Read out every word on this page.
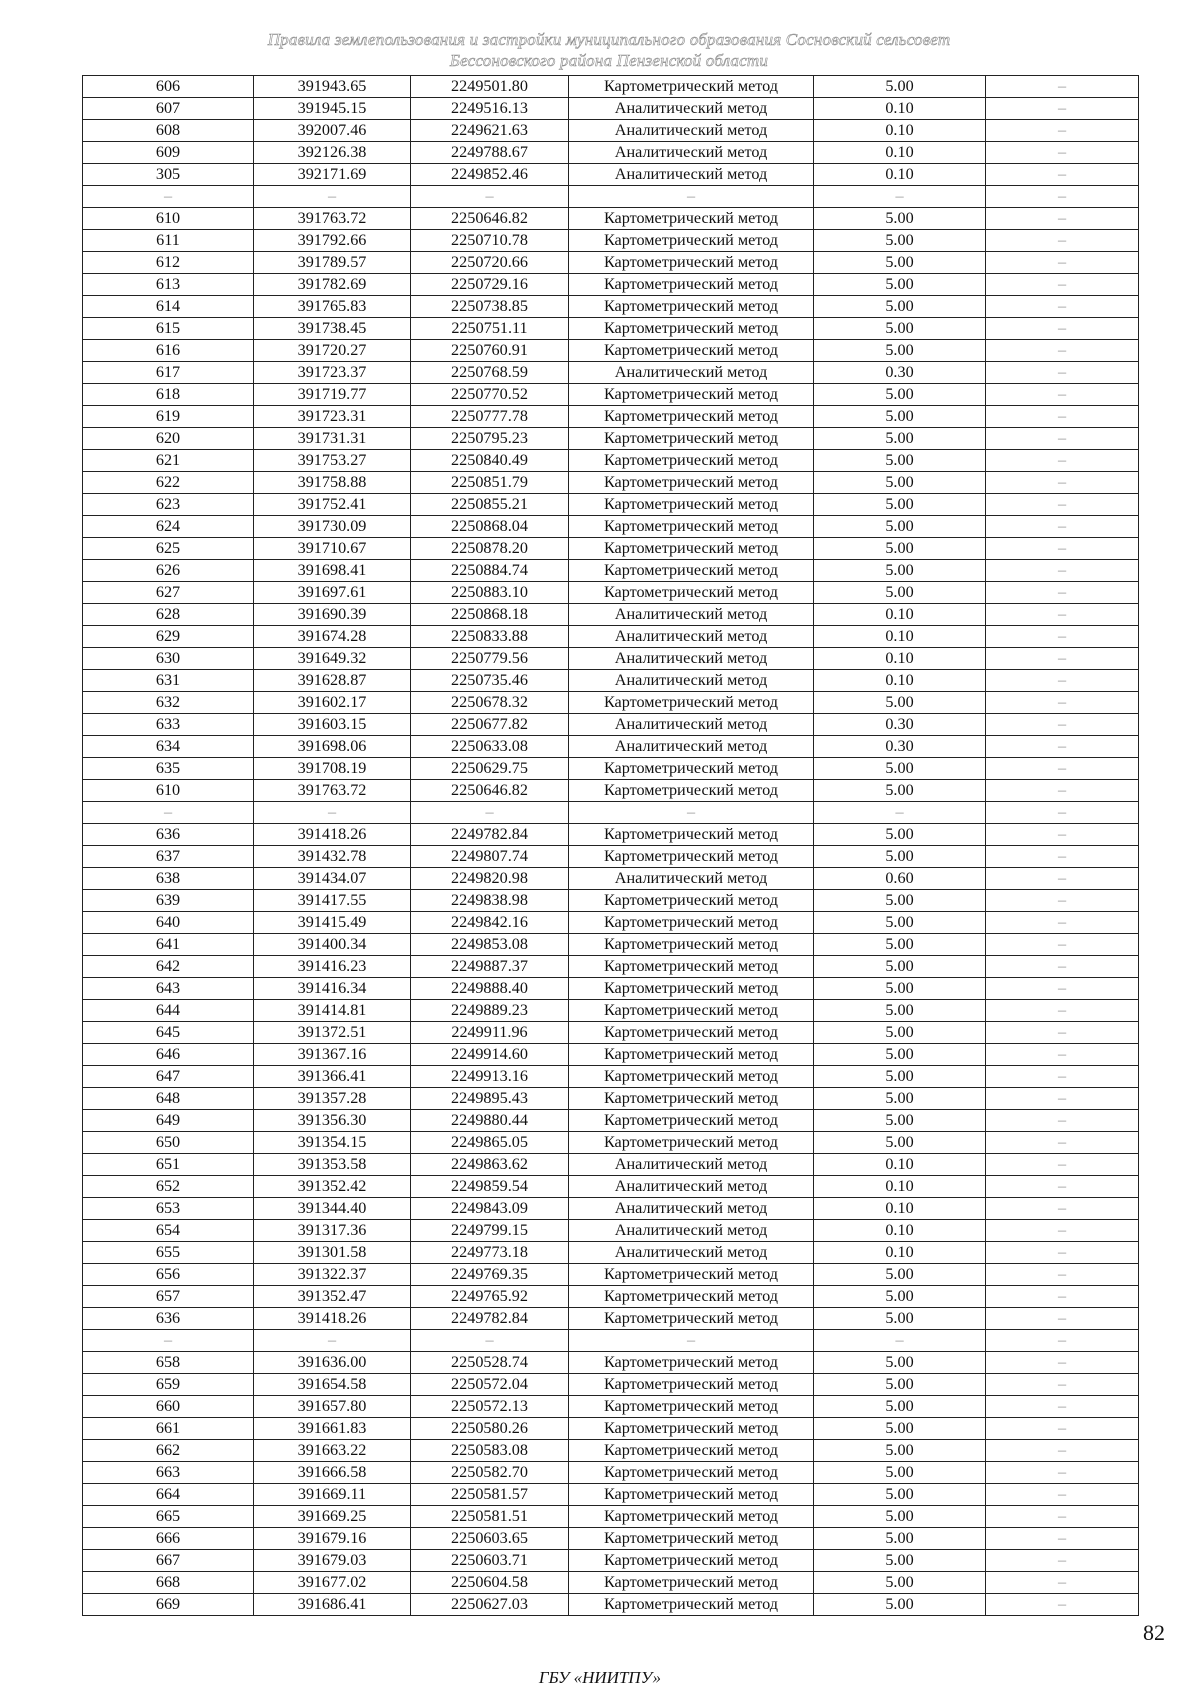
Правила землепользования и застройки муниципального образования Сосновский сельсовет
Бессоновского района Пензенской области
606	391943.65	2249501.80	Картометрический метод	5.00	–
607	391945.15	2249516.13	Аналитический метод	0.10	–
608	392007.46	2249621.63	Аналитический метод	0.10	–
609	392126.38	2249788.67	Аналитический метод	0.10	–
305	392171.69	2249852.46	Аналитический метод	0.10	–
–	–	–	–	–	–
610	391763.72	2250646.82	Картометрический метод	5.00	–
611	391792.66	2250710.78	Картометрический метод	5.00	–
612	391789.57	2250720.66	Картометрический метод	5.00	–
613	391782.69	2250729.16	Картометрический метод	5.00	–
614	391765.83	2250738.85	Картометрический метод	5.00	–
615	391738.45	2250751.11	Картометрический метод	5.00	–
616	391720.27	2250760.91	Картометрический метод	5.00	–
617	391723.37	2250768.59	Аналитический метод	0.30	–
618	391719.77	2250770.52	Картометрический метод	5.00	–
619	391723.31	2250777.78	Картометрический метод	5.00	–
620	391731.31	2250795.23	Картометрический метод	5.00	–
621	391753.27	2250840.49	Картометрический метод	5.00	–
622	391758.88	2250851.79	Картометрический метод	5.00	–
623	391752.41	2250855.21	Картометрический метод	5.00	–
624	391730.09	2250868.04	Картометрический метод	5.00	–
625	391710.67	2250878.20	Картометрический метод	5.00	–
626	391698.41	2250884.74	Картометрический метод	5.00	–
627	391697.61	2250883.10	Картометрический метод	5.00	–
628	391690.39	2250868.18	Аналитический метод	0.10	–
629	391674.28	2250833.88	Аналитический метод	0.10	–
630	391649.32	2250779.56	Аналитический метод	0.10	–
631	391628.87	2250735.46	Аналитический метод	0.10	–
632	391602.17	2250678.32	Картометрический метод	5.00	–
633	391603.15	2250677.82	Аналитический метод	0.30	–
634	391698.06	2250633.08	Аналитический метод	0.30	–
635	391708.19	2250629.75	Картометрический метод	5.00	–
610	391763.72	2250646.82	Картометрический метод	5.00	–
–	–	–	–	–	–
636	391418.26	2249782.84	Картометрический метод	5.00	–
637	391432.78	2249807.74	Картометрический метод	5.00	–
638	391434.07	2249820.98	Аналитический метод	0.60	–
639	391417.55	2249838.98	Картометрический метод	5.00	–
640	391415.49	2249842.16	Картометрический метод	5.00	–
641	391400.34	2249853.08	Картометрический метод	5.00	–
642	391416.23	2249887.37	Картометрический метод	5.00	–
643	391416.34	2249888.40	Картометрический метод	5.00	–
644	391414.81	2249889.23	Картометрический метод	5.00	–
645	391372.51	2249911.96	Картометрический метод	5.00	–
646	391367.16	2249914.60	Картометрический метод	5.00	–
647	391366.41	2249913.16	Картометрический метод	5.00	–
648	391357.28	2249895.43	Картометрический метод	5.00	–
649	391356.30	2249880.44	Картометрический метод	5.00	–
650	391354.15	2249865.05	Картометрический метод	5.00	–
651	391353.58	2249863.62	Аналитический метод	0.10	–
652	391352.42	2249859.54	Аналитический метод	0.10	–
653	391344.40	2249843.09	Аналитический метод	0.10	–
654	391317.36	2249799.15	Аналитический метод	0.10	–
655	391301.58	2249773.18	Аналитический метод	0.10	–
656	391322.37	2249769.35	Картометрический метод	5.00	–
657	391352.47	2249765.92	Картометрический метод	5.00	–
636	391418.26	2249782.84	Картометрический метод	5.00	–
–	–	–	–	–	–
658	391636.00	2250528.74	Картометрический метод	5.00	–
659	391654.58	2250572.04	Картометрический метод	5.00	–
660	391657.80	2250572.13	Картометрический метод	5.00	–
661	391661.83	2250580.26	Картометрический метод	5.00	–
662	391663.22	2250583.08	Картометрический метод	5.00	–
663	391666.58	2250582.70	Картометрический метод	5.00	–
664	391669.11	2250581.57	Картометрический метод	5.00	–
665	391669.25	2250581.51	Картометрический метод	5.00	–
666	391679.16	2250603.65	Картометрический метод	5.00	–
667	391679.03	2250603.71	Картометрический метод	5.00	–
668	391677.02	2250604.58	Картометрический метод	5.00	–
669	391686.41	2250627.03	Картометрический метод	5.00	–
82
ГБУ «НИИТПУ»
